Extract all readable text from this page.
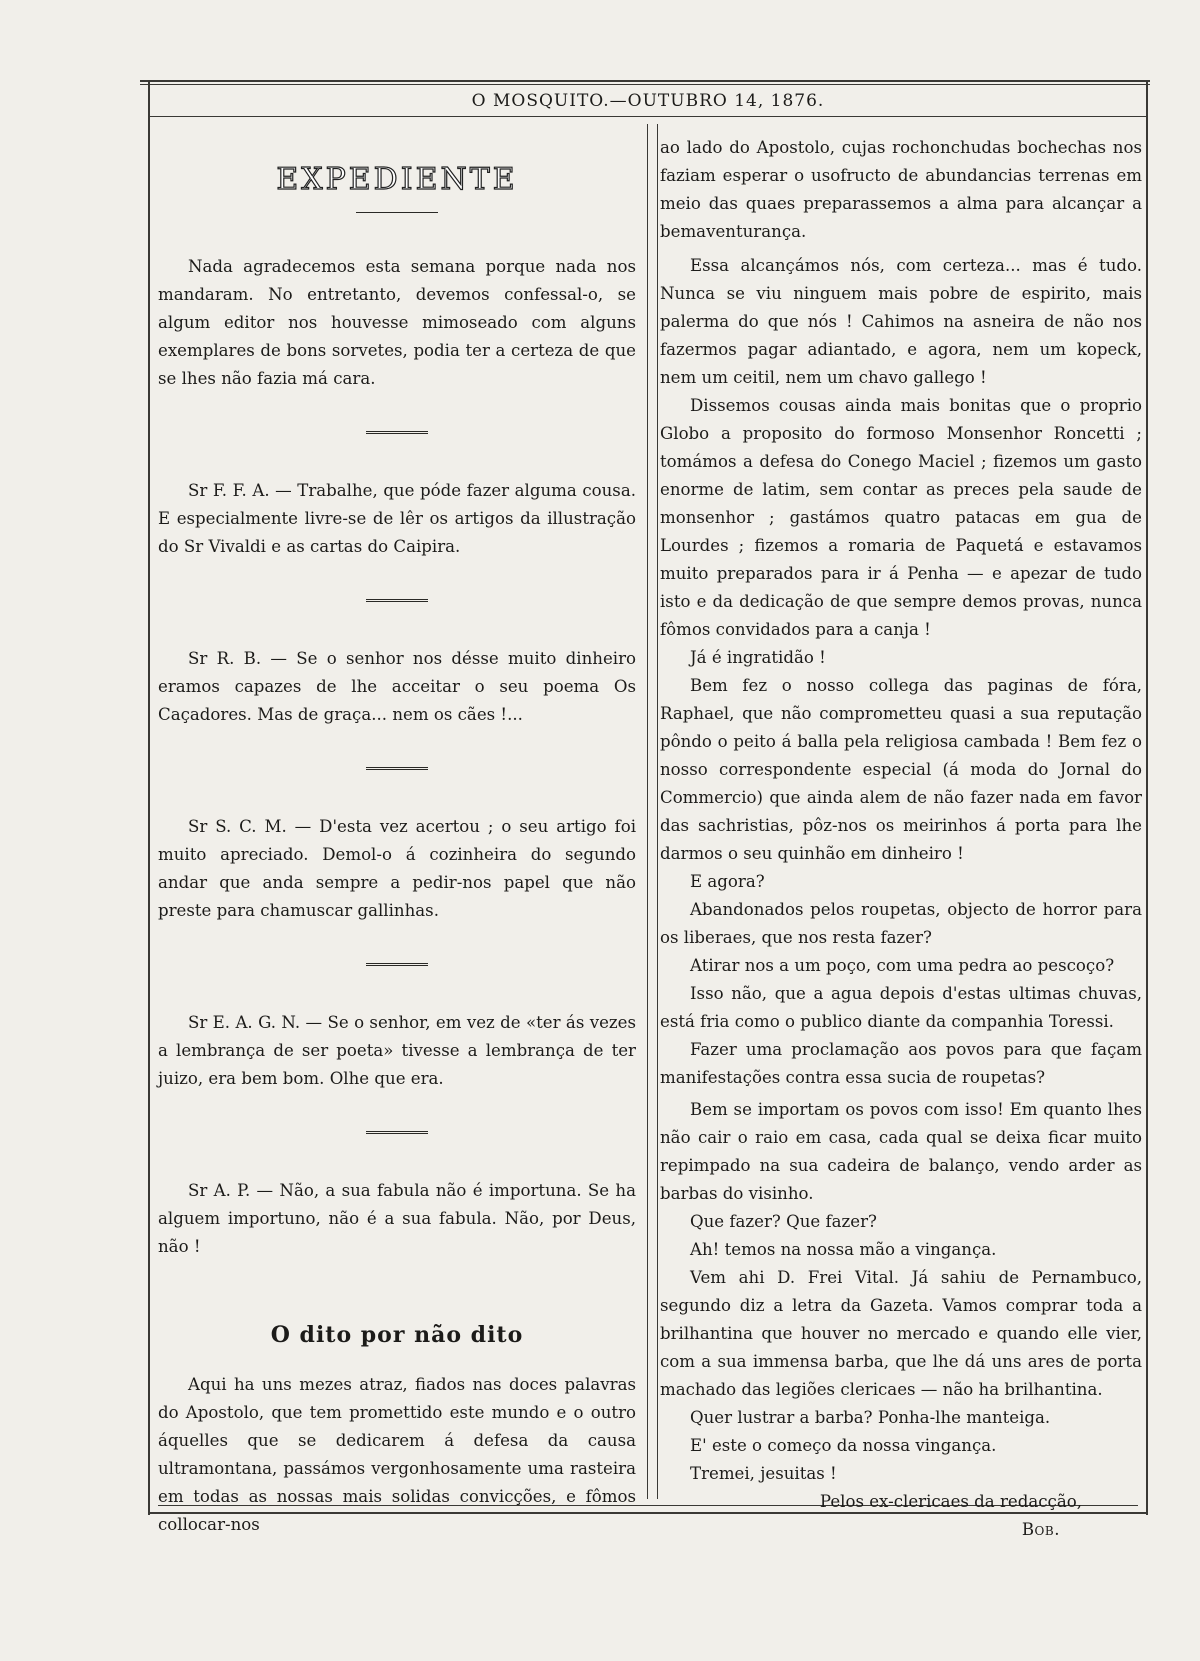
O MOSQUITO.—OUTUBRO 14, 1876.
EXPEDIENTE

Nada agradecemos esta semana porque nada nos mandaram. No entretanto, devemos confessal-o, se algum editor nos houvesse mimoseado com alguns exemplares de bons sorvetes, podia ter a certeza de que se lhes não fazia má cara.

Sr F. F. A. — Trabalhe, que póde fazer alguma cousa. E especialmente livre-se de lêr os artigos da illustração do Sr Vivaldi e as cartas do Caipira.

Sr R. B. — Se o senhor nos désse muito dinheiro eramos capazes de lhe acceitar o seu poema Os Caçadores. Mas de graça... nem os cães !...

Sr S. C. M. — D'esta vez acertou ; o seu artigo foi muito apreciado. Demol-o á cozinheira do segundo andar que anda sempre a pedir-nos papel que não preste para chamuscar gallinhas.

Sr E. A. G. N. — Se o senhor, em vez de «ter ás vezes a lembrança de ser poeta» tivesse a lembrança de ter juizo, era bem bom. Olhe que era.

Sr A. P. — Não, a sua fabula não é importuna. Se ha alguem importuno, não é a sua fabula. Não, por Deus, não !

O dito por não dito

Aqui ha uns mezes atraz, fiados nas doces palavras do Apostolo, que tem promettido este mundo e o outro áquelles que se dedicarem á defesa da causa ultramontana, passámos vergonhosamente uma rasteira em todas as nossas mais solidas convicções, e fômos collocar-nos

ao lado do Apostolo, cujas rochonchudas bochechas nos faziam esperar o usofructo de abundancias terrenas em meio das quaes preparassemos a alma para alcançar a bemaventurança.

Essa alcançámos nós, com certeza... mas é tudo. Nunca se viu ninguem mais pobre de espirito, mais palerma do que nós ! Cahimos na asneira de não nos fazermos pagar adiantado, e agora, nem um kopeck, nem um ceitil, nem um chavo gallego !

Dissemos cousas ainda mais bonitas que o proprio Globo a proposito do formoso Monsenhor Roncetti ; tomámos a defesa do Conego Maciel ; fizemos um gasto enorme de latim, sem contar as preces pela saude de monsenhor ; gastámos quatro patacas em gua de Lourdes ; fizemos a romaria de Paquetá e estavamos muito preparados para ir á Penha — e apezar de tudo isto e da dedicação de que sempre demos provas, nunca fômos convidados para a canja !

Já é ingratidão !

Bem fez o nosso collega das paginas de fóra, Raphael, que não comprometteu quasi a sua reputação pôndo o peito á balla pela religiosa cambada ! Bem fez o nosso correspondente especial (á moda do Jornal do Commercio) que ainda alem de não fazer nada em favor das sachristias, pôz-nos os meirinhos á porta para lhe darmos o seu quinhão em dinheiro !

E agora?

Abandonados pelos roupetas, objecto de horror para os liberaes, que nos resta fazer?

Atirar nos a um poço, com uma pedra ao pescoço?

Isso não, que a agua depois d'estas ultimas chuvas, está fria como o publico diante da companhia Toressi.

Fazer uma proclamação aos povos para que façam manifestações contra essa sucia de roupetas?

Bem se importam os povos com isso! Em quanto lhes não cair o raio em casa, cada qual se deixa ficar muito repimpado na sua cadeira de balanço, vendo arder as barbas do visinho.

Que fazer? Que fazer?

Ah! temos na nossa mão a vingança.

Vem ahi D. Frei Vital. Já sahiu de Pernambuco, segundo diz a letra da Gazeta. Vamos comprar toda a brilhantina que houver no mercado e quando elle vier, com a sua immensa barba, que lhe dá uns ares de porta machado das legiões clericaes — não ha brilhantina.

Quer lustrar a barba? Ponha-lhe manteiga.

E' este o começo da nossa vingança.

Tremei, jesuitas !

Pelos ex-clericaes da redacção,

Bob.
